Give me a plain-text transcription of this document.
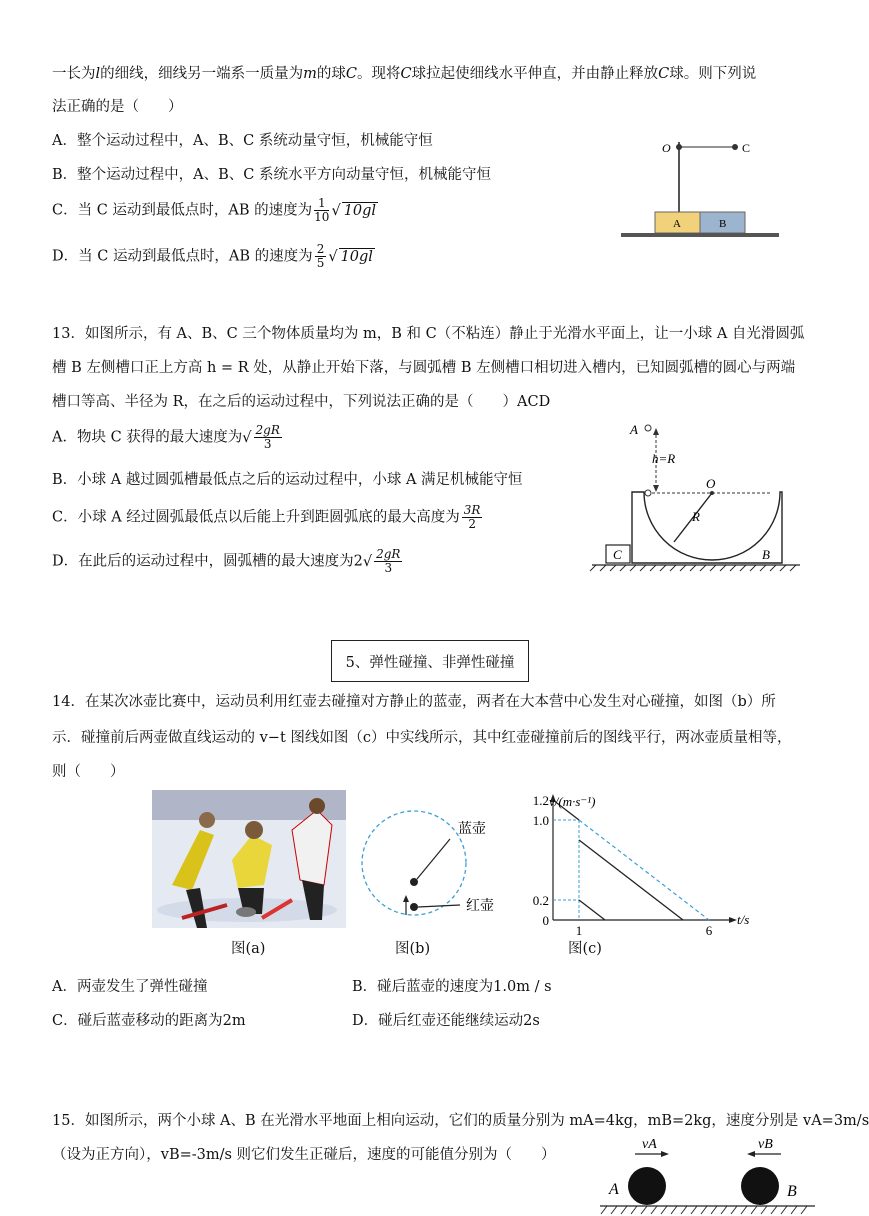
一长为l的细线，细线另一端系一质量为m的球C。现将C球拉起使细线水平伸直，并由静止释放C球。则下列说
法正确的是（　　）
A．整个运动过程中，A、B、C 系统动量守恒，机械能守恒
B．整个运动过程中，A、B、C 系统水平方向动量守恒，机械能守恒
C．当 C 运动到最低点时，AB 的速度为 $\frac{1}{10}$ √ 10gl
D．当 C 运动到最低点时，AB 的速度为 $\frac{2}{5}$ √ 10gl
O	C
A	B
13．如图所示，有 A、B、C 三个物体质量均为 m，B 和 C（不粘连）静止于光滑水平面上，让一小球 A 自光滑圆弧
槽 B 左侧槽口正上方高 h = R 处，从静止开始下落，与圆弧槽 B 左侧槽口相切进入槽内，已知圆弧槽的圆心与两端
槽口等高、半径为 R，在之后的运动过程中，下列说法正确的是（　　）ACD
A．物块 C 获得的最大速度为√ $\frac{2gR}{3}$
B．小球 A 越过圆弧槽最低点之后的运动过程中，小球 A 满足机械能守恒
C．小球 A 经过圆弧最低点以后能上升到距圆弧底的最大高度为 $\frac{3R}{2}$
D．在此后的运动过程中，圆弧槽的最大速度为$2√ \frac{2gR}{3}$
A
h=R
O
R
C	B
5、弹性碰撞、非弹性碰撞
14．在某次冰壶比赛中，运动员利用红壶去碰撞对方静止的蓝壶，两者在大本营中心发生对心碰撞，如图（b）所
示．碰撞前后两壶做直线运动的 v−t 图线如图（c）中实线所示，其中红壶碰撞前后的图线平行，两冰壶质量相等，
则（　　）
图(a)
蓝壶
红壶
图(b)
1.2
1.0
0.2
0
1	6
v/(m·s⁻¹)
t/s
图(c)
A．两壶发生了弹性碰撞	B．碰后蓝壶的速度为1.0m / s
C．碰后蓝壶移动的距离为2m	D．碰后红壶还能继续运动2s
15．如图所示，两个小球 A、B 在光滑水平地面上相向运动，它们的质量分别为 mA=4kg，mB=2kg，速度分别是 vA=3m/s
（设为正方向），vB=-3m/s 则它们发生正碰后，速度的可能值分别为（　　）
vA	vB
A	B
